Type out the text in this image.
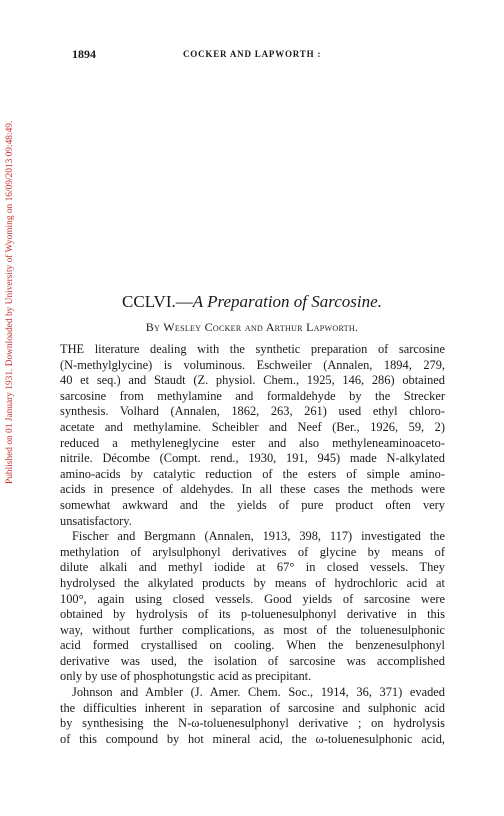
1894	COCKER AND LAPWORTH :
Published on 01 January 1931. Downloaded by University of Wyoming on 16/09/2013 09:48:49.	CCLVI.—A Preparation of Sarcosine.
By Wesley Cocker and Arthur Lapworth.
THE literature dealing with the synthetic preparation of sarcosine
(N-methylglycine) is voluminous. Eschweiler (Annalen, 1894, 279,
40 et seq.) and Staudt (Z. physiol. Chem., 1925, 146, 286) obtained
sarcosine from methylamine and formaldehyde by the Strecker
synthesis. Volhard (Annalen, 1862, 263, 261) used ethyl chloro-
acetate and methylamine. Scheibler and Neef (Ber., 1926, 59, 2)
reduced a methyleneglycine ester and also methyleneaminoaceto-
nitrile. Décombe (Compt. rend., 1930, 191, 945) made N-alkylated
amino-acids by catalytic reduction of the esters of simple amino-
acids in presence of aldehydes. In all these cases the methods were
somewhat awkward and the yields of pure product often very
unsatisfactory.
Fischer and Bergmann (Annalen, 1913, 398, 117) investigated the
methylation of arylsulphonyl derivatives of glycine by means of
dilute alkali and methyl iodide at 67° in closed vessels. They
hydrolysed the alkylated products by means of hydrochloric acid at
100°, again using closed vessels. Good yields of sarcosine were
obtained by hydrolysis of its p-toluenesulphonyl derivative in this
way, without further complications, as most of the toluenesulphonic
acid formed crystallised on cooling. When the benzenesulphonyl
derivative was used, the isolation of sarcosine was accomplished
only by use of phosphotungstic acid as precipitant.
Johnson and Ambler (J. Amer. Chem. Soc., 1914, 36, 371) evaded
the difficulties inherent in separation of sarcosine and sulphonic acid
by synthesising the N-ω-toluenesulphonyl derivative ; on hydrolysis
of this compound by hot mineral acid, the ω-toluenesulphonic acid,
